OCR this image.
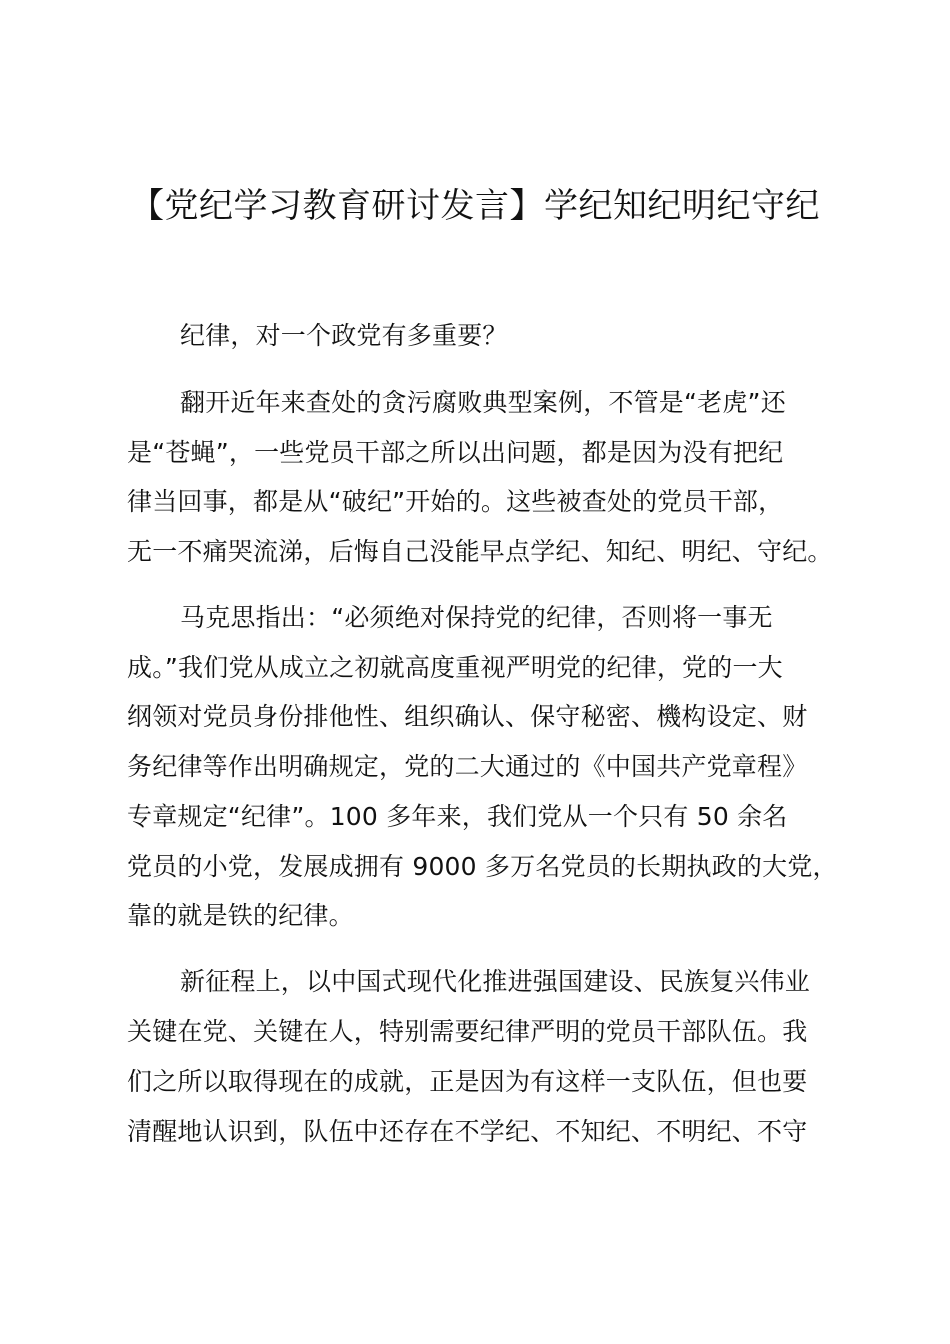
【党纪学习教育研讨发言】学纪知纪明纪守纪
纪律，对一个政党有多重要？
翻开近年来查处的贪污腐败典型案例，不管是“老虎”还
是“苍蝇”，一些党员干部之所以出问题，都是因为没有把纪
律当回事，都是从“破纪”开始的。这些被查处的党员干部，
无一不痛哭流涕，后悔自己没能早点学纪、知纪、明纪、守纪。
马克思指出：“必须绝对保持党的纪律，否则将一事无
成。”我们党从成立之初就高度重视严明党的纪律，党的一大
纲领对党员身份排他性、组织确认、保守秘密、機构设定、财
务纪律等作出明确规定，党的二大通过的《中国共产党章程》
专章规定“纪律”。100 多年来，我们党从一个只有 50 余名
党员的小党，发展成拥有 9000 多万名党员的长期执政的大党，
靠的就是铁的纪律。
新征程上，以中国式现代化推进强国建设、民族复兴伟业
关键在党、关键在人，特别需要纪律严明的党员干部队伍。我
们之所以取得现在的成就，正是因为有这样一支队伍，但也要
清醒地认识到，队伍中还存在不学纪、不知纪、不明纪、不守
